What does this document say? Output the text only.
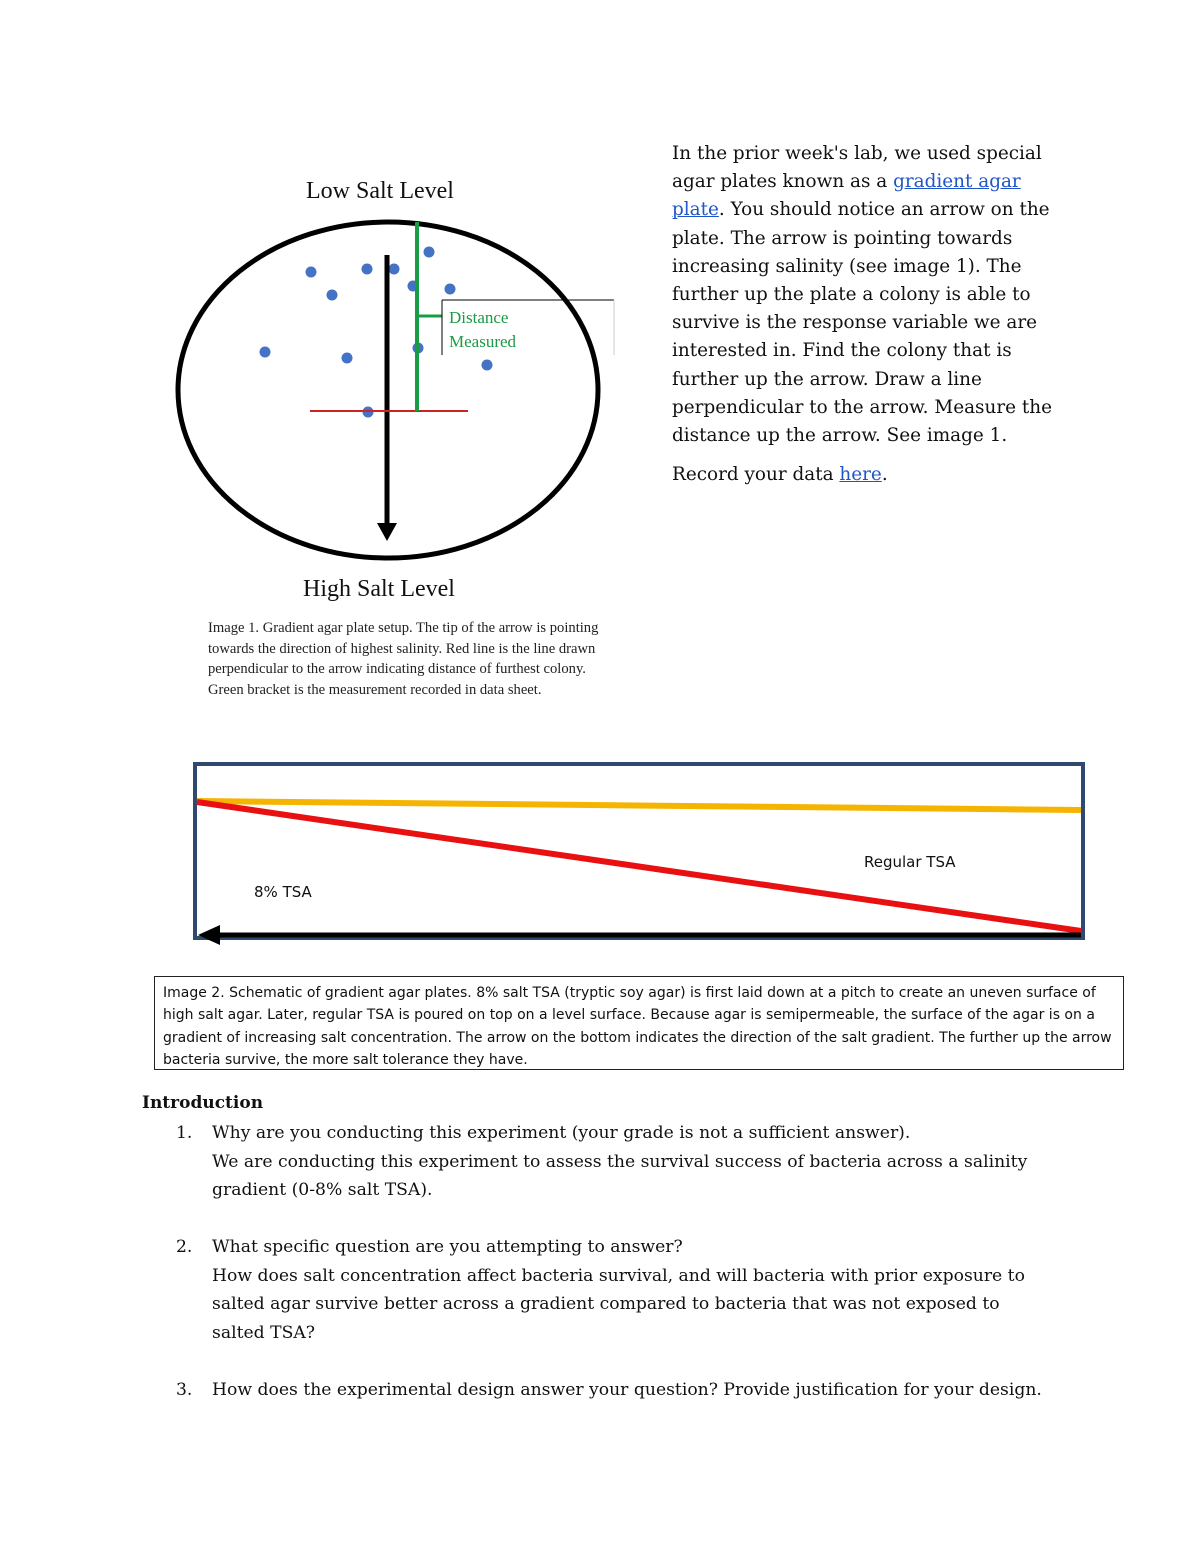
Low Salt Level
Distance
Measured
High Salt Level
Image 1. Gradient agar plate setup. The tip of the arrow is pointing towards the direction of highest salinity. Red line is the line drawn perpendicular to the arrow indicating distance of furthest colony. Green bracket is the measurement recorded in data sheet.

In the prior week's lab, we used special agar plates known as a gradient agar plate. You should notice an arrow on the plate. The arrow is pointing towards increasing salinity (see image 1). The further up the plate a colony is able to survive is the response variable we are interested in. Find the colony that is further up the arrow. Draw a line perpendicular to the arrow. Measure the distance up the arrow. See image 1.

Record your data here.

8% TSA
Regular TSA
Image 2. Schematic of gradient agar plates. 8% salt TSA (tryptic soy agar) is first laid down at a pitch to create an uneven surface of high salt agar. Later, regular TSA is poured on top on a level surface. Because agar is semipermeable, the surface of the agar is on a gradient of increasing salt concentration. The arrow on the bottom indicates the direction of the salt gradient. The further up the arrow bacteria survive, the more salt tolerance they have.
Introduction
1. Why are you conducting this experiment (your grade is not a sufficient answer).
We are conducting this experiment to assess the survival success of bacteria across a salinity gradient (0-8% salt TSA).
2. What specific question are you attempting to answer?
How does salt concentration affect bacteria survival, and will bacteria with prior exposure to salted agar survive better across a gradient compared to bacteria that was not exposed to salted TSA?
3. How does the experimental design answer your question? Provide justification for your design.
